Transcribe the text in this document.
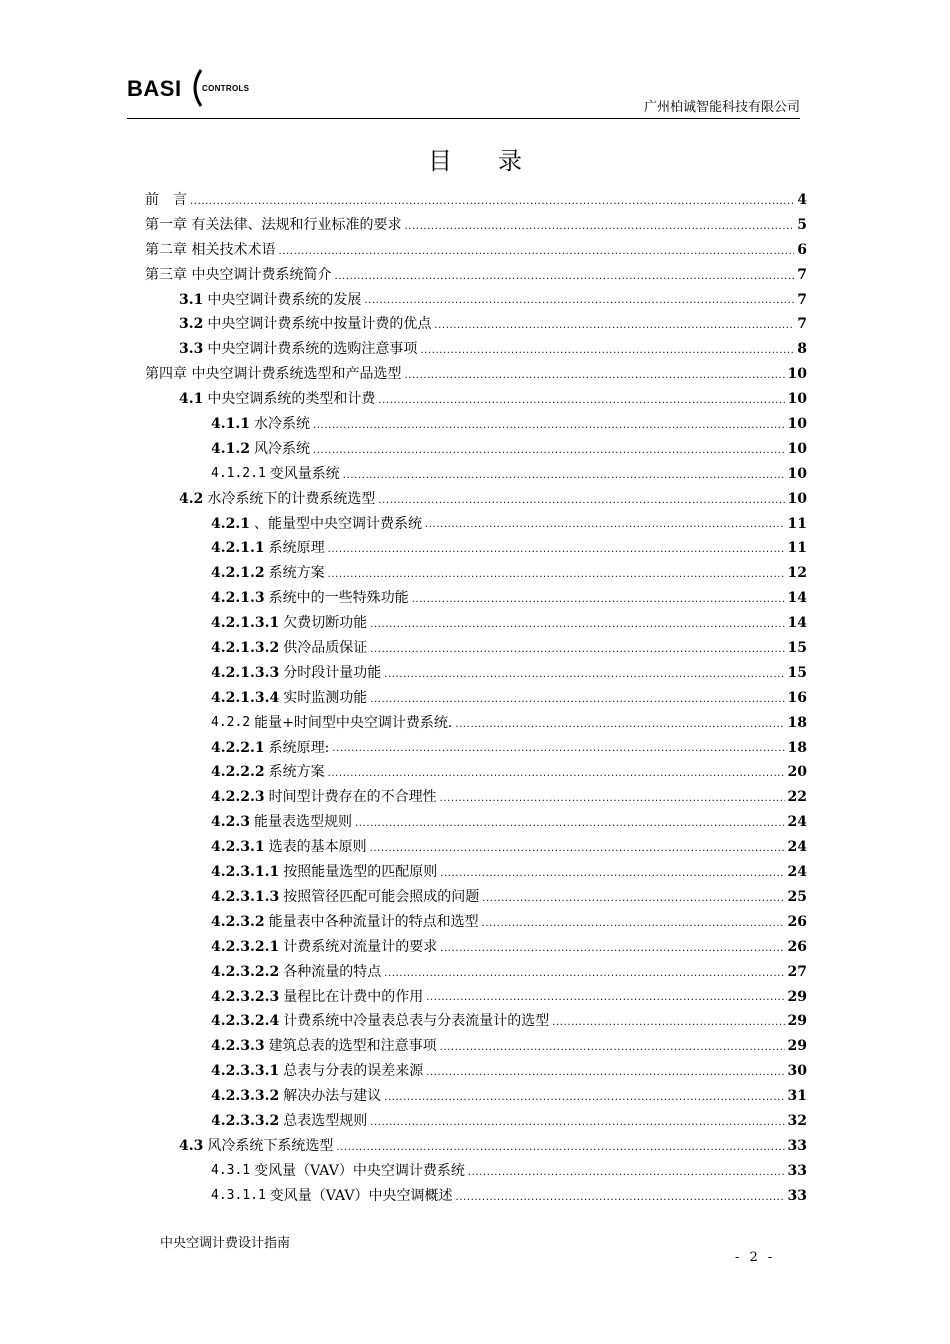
BASI	CONTROLS
广州柏诚智能科技有限公司
目录
前　言 .....	4
第一章 有关法律、法规和行业标准的要求 .....	5
第二章 相关技术术语 .....	6
第三章 中央空调计费系统简介 .....	7
3.1 中央空调计费系统的发展 .....	7
3.2 中央空调计费系统中按量计费的优点 .....	7
3.3 中央空调计费系统的选购注意事项 .....	8
第四章 中央空调计费系统选型和产品选型 .....	10
4.1 中央空调系统的类型和计费 .....	10
4.1.1 水冷系统 .....	10
4.1.2 风冷系统 .....	10
4.1.2.1 变风量系统 .....	10
4.2 水冷系统下的计费系统选型 .....	10
4.2.1 、能量型中央空调计费系统 .....	11
4.2.1.1 系统原理 .....	11
4.2.1.2 系统方案 .....	12
4.2.1.3 系统中的一些特殊功能 .....	14
4.2.1.3.1 欠费切断功能 .....	14
4.2.1.3.2 供冷品质保证 .....	15
4.2.1.3.3 分时段计量功能 .....	15
4.2.1.3.4 实时监测功能 .....	16
4.2.2 能量+时间型中央空调计费系统. .....	18
4.2.2.1 系统原理: .....	18
4.2.2.2 系统方案 .....	20
4.2.2.3 时间型计费存在的不合理性 .....	22
4.2.3 能量表选型规则 .....	24
4.2.3.1 选表的基本原则 .....	24
4.2.3.1.1 按照能量选型的匹配原则 .....	24
4.2.3.1.3 按照管径匹配可能会照成的问题 .....	25
4.2.3.2 能量表中各种流量计的特点和选型 .....	26
4.2.3.2.1 计费系统对流量计的要求 .....	26
4.2.3.2.2 各种流量的特点 .....	27
4.2.3.2.3 量程比在计费中的作用 .....	29
4.2.3.2.4 计费系统中冷量表总表与分表流量计的选型 .....	29
4.2.3.3 建筑总表的选型和注意事项 .....	29
4.2.3.3.1 总表与分表的误差来源 .....	30
4.2.3.3.2 解决办法与建议 .....	31
4.2.3.3.2 总表选型规则 .....	32
4.3 风冷系统下系统选型 .....	33
4.3.1 变风量（VAV）中央空调计费系统 .....	33
4.3.1.1 变风量（VAV）中央空调概述 .....	33
中央空调计费设计指南
- 2 -
